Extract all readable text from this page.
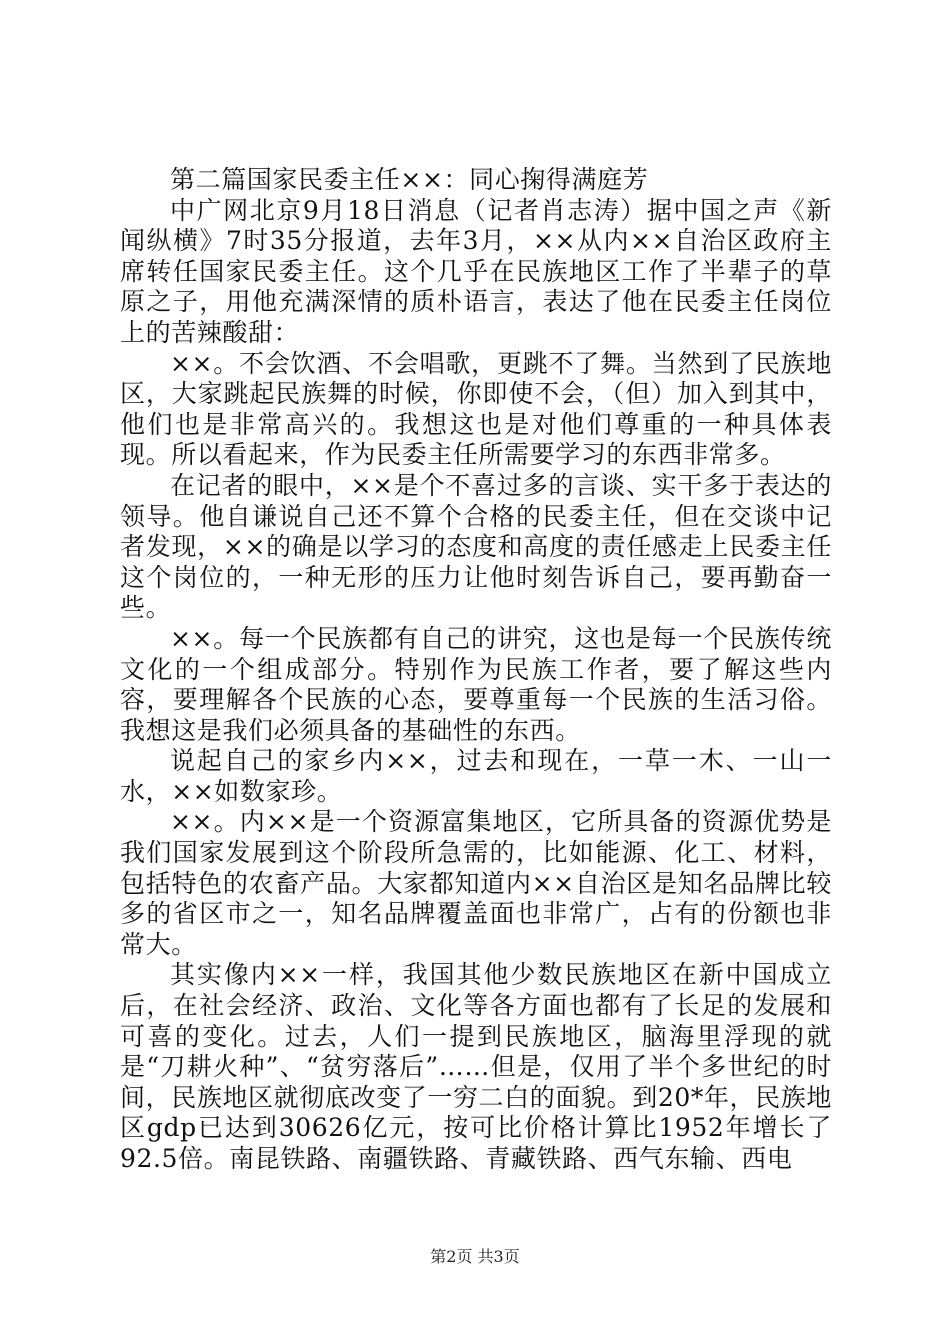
第二篇国家民委主任××：同心掬得满庭芳

中广网北京9月18日消息（记者肖志涛）据中国之声《新闻纵横》7时35分报道，去年3月，××从内××自治区政府主席转任国家民委主任。这个几乎在民族地区工作了半辈子的草原之子，用他充满深情的质朴语言，表达了他在民委主任岗位上的苦辣酸甜：

××。不会饮酒、不会唱歌，更跳不了舞。当然到了民族地区，大家跳起民族舞的时候，你即使不会，（但）加入到其中，他们也是非常高兴的。我想这也是对他们尊重的一种具体表现。所以看起来，作为民委主任所需要学习的东西非常多。

在记者的眼中，××是个不喜过多的言谈、实干多于表达的领导。他自谦说自己还不算个合格的民委主任，但在交谈中记者发现，××的确是以学习的态度和高度的责任感走上民委主任这个岗位的，一种无形的压力让他时刻告诉自己，要再勤奋一些。

××。每一个民族都有自己的讲究，这也是每一个民族传统文化的一个组成部分。特别作为民族工作者，要了解这些内容，要理解各个民族的心态，要尊重每一个民族的生活习俗。我想这是我们必须具备的基础性的东西。

说起自己的家乡内××，过去和现在，一草一木、一山一水，××如数家珍。

××。内××是一个资源富集地区，它所具备的资源优势是我们国家发展到这个阶段所急需的，比如能源、化工、材料，包括特色的农畜产品。大家都知道内××自治区是知名品牌比较多的省区市之一，知名品牌覆盖面也非常广，占有的份额也非常大。

其实像内××一样，我国其他少数民族地区在新中国成立后，在社会经济、政治、文化等各方面也都有了长足的发展和可喜的变化。过去，人们一提到民族地区，脑海里浮现的就是“刀耕火种”、“贫穷落后”……但是，仅用了半个多世纪的时间，民族地区就彻底改变了一穷二白的面貌。到20*年，民族地区gdp已达到30626亿元，按可比价格计算比1952年增长了92.5倍。南昆铁路、南疆铁路、青藏铁路、西气东输、西电

第2页 共3页
